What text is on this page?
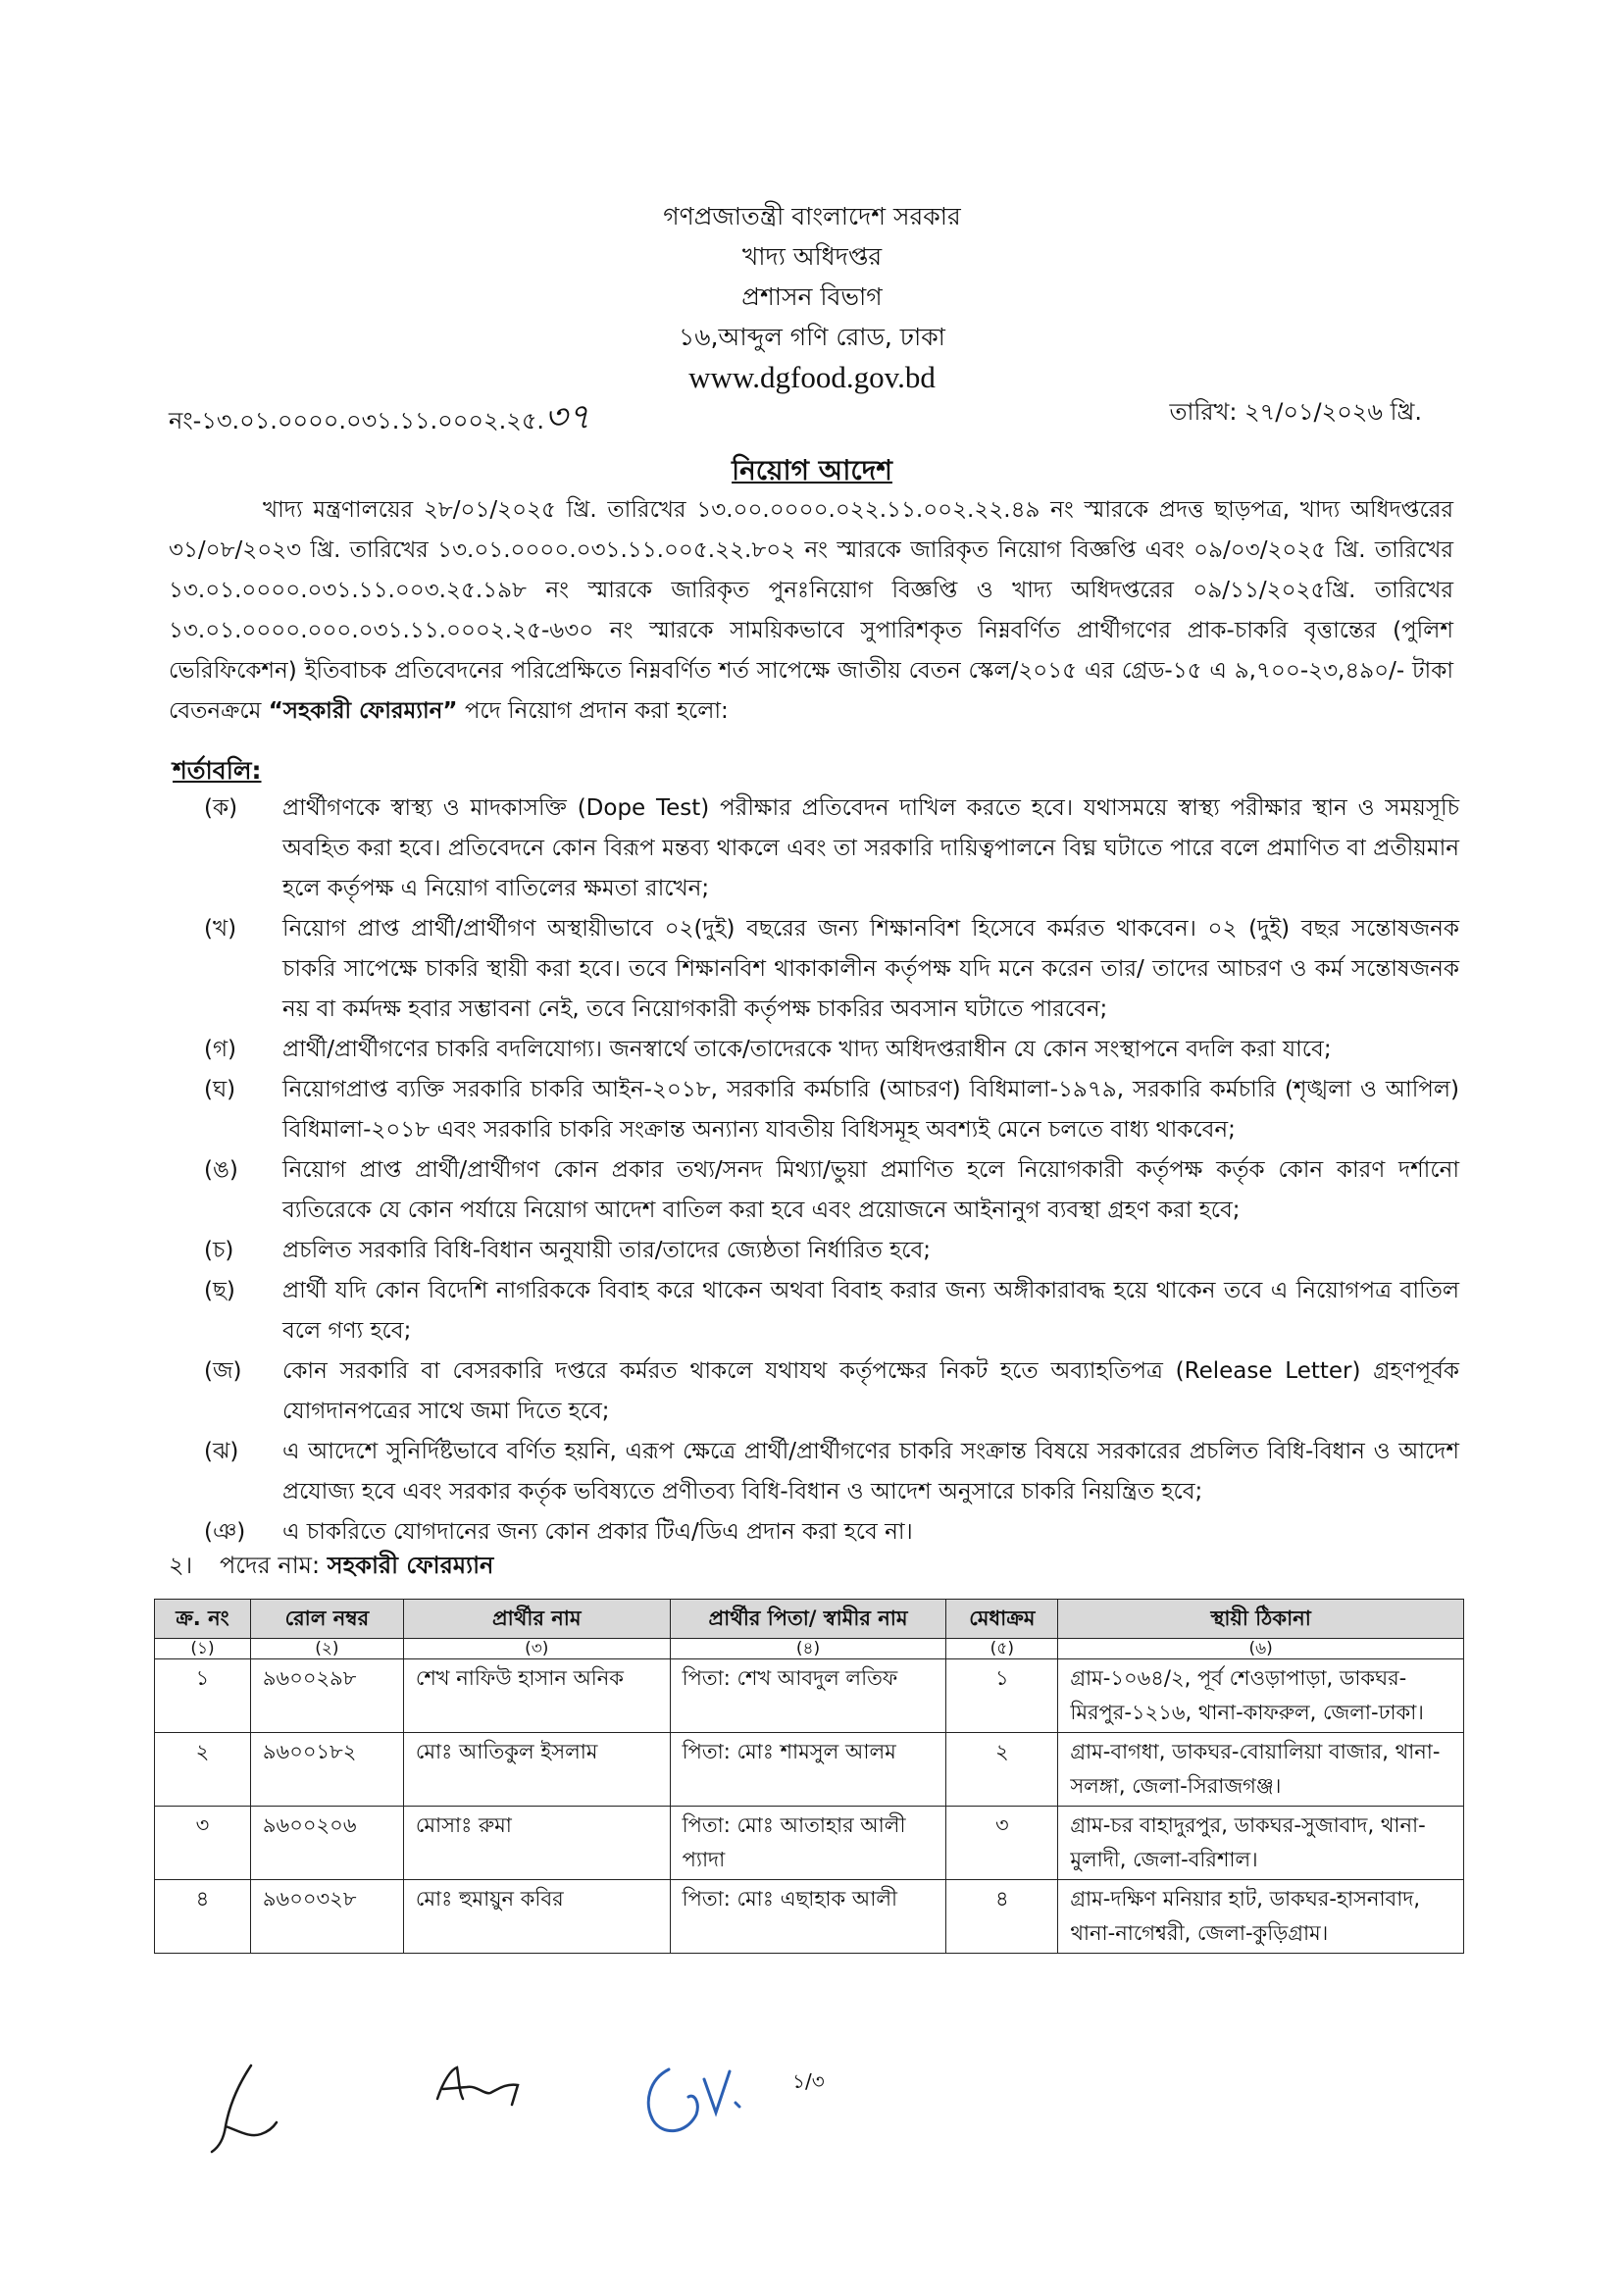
গণপ্রজাতন্ত্রী বাংলাদেশ সরকার
খাদ্য অধিদপ্তর
প্রশাসন বিভাগ
১৬,আব্দুল গণি রোড, ঢাকা
www.dgfood.gov.bd
নং-১৩.০১.০০০০.০৩১.১১.০০০২.২৫.৩৭	তারিখ: ২৭/০১/২০২৬ খ্রি.
নিয়োগ আদেশ
খাদ্য মন্ত্রণালয়ের ২৮/০১/২০২৫ খ্রি. তারিখের ১৩.০০.০০০০.০২২.১১.০০২.২২.৪৯ নং স্মারকে প্রদত্ত ছাড়পত্র, খাদ্য অধিদপ্তরের ৩১/০৮/২০২৩ খ্রি. তারিখের ১৩.০১.০০০০.০৩১.১১.০০৫.২২.৮০২ নং স্মারকে জারিকৃত নিয়োগ বিজ্ঞপ্তি এবং ০৯/০৩/২০২৫ খ্রি. তারিখের ১৩.০১.০০০০.০৩১.১১.০০৩.২৫.১৯৮ নং স্মারকে জারিকৃত পুনঃনিয়োগ বিজ্ঞপ্তি ও খাদ্য অধিদপ্তরের ০৯/১১/২০২৫খ্রি. তারিখের ১৩.০১.০০০০.০০০.০৩১.১১.০০০২.২৫-৬৩০ নং স্মারকে সাময়িকভাবে সুপারিশকৃত নিম্নবর্ণিত প্রার্থীগণের প্রাক-চাকরি বৃত্তান্তের (পুলিশ ভেরিফিকেশন) ইতিবাচক প্রতিবেদনের পরিপ্রেক্ষিতে নিম্নবর্ণিত শর্ত সাপেক্ষে জাতীয় বেতন স্কেল/২০১৫ এর গ্রেড-১৫ এ ৯,৭০০-২৩,৪৯০/- টাকা বেতনক্রমে “সহকারী ফোরম্যান” পদে নিয়োগ প্রদান করা হলো:
শর্তাবলি:
(ক)	প্রার্থীগণকে স্বাস্থ্য ও মাদকাসক্তি (Dope Test) পরীক্ষার প্রতিবেদন দাখিল করতে হবে। যথাসময়ে স্বাস্থ্য পরীক্ষার স্থান ও সময়সূচি অবহিত করা হবে। প্রতিবেদনে কোন বিরূপ মন্তব্য থাকলে এবং তা সরকারি দায়িত্বপালনে বিঘ্ন ঘটাতে পারে বলে প্রমাণিত বা প্রতীয়মান হলে কর্তৃপক্ষ এ নিয়োগ বাতিলের ক্ষমতা রাখেন;
(খ)	নিয়োগ প্রাপ্ত প্রার্থী/প্রার্থীগণ অস্থায়ীভাবে ০২(দুই) বছরের জন্য শিক্ষানবিশ হিসেবে কর্মরত থাকবেন। ০২ (দুই) বছর সন্তোষজনক চাকরি সাপেক্ষে চাকরি স্থায়ী করা হবে। তবে শিক্ষানবিশ থাকাকালীন কর্তৃপক্ষ যদি মনে করেন তার/ তাদের আচরণ ও কর্ম সন্তোষজনক নয় বা কর্মদক্ষ হবার সম্ভাবনা নেই, তবে নিয়োগকারী কর্তৃপক্ষ চাকরির অবসান ঘটাতে পারবেন;
(গ)	প্রার্থী/প্রার্থীগণের চাকরি বদলিযোগ্য। জনস্বার্থে তাকে/তাদেরকে খাদ্য অধিদপ্তরাধীন যে কোন সংস্থাপনে বদলি করা যাবে;
(ঘ)	নিয়োগপ্রাপ্ত ব্যক্তি সরকারি চাকরি আইন-২০১৮, সরকারি কর্মচারি (আচরণ) বিধিমালা-১৯৭৯, সরকারি কর্মচারি (শৃঙ্খলা ও আপিল) বিধিমালা-২০১৮ এবং সরকারি চাকরি সংক্রান্ত অন্যান্য যাবতীয় বিধিসমূহ অবশ্যই মেনে চলতে বাধ্য থাকবেন;
(ঙ)	নিয়োগ প্রাপ্ত প্রার্থী/প্রার্থীগণ কোন প্রকার তথ্য/সনদ মিথ্যা/ভুয়া প্রমাণিত হলে নিয়োগকারী কর্তৃপক্ষ কর্তৃক কোন কারণ দর্শানো ব্যতিরেকে যে কোন পর্যায়ে নিয়োগ আদেশ বাতিল করা হবে এবং প্রয়োজনে আইনানুগ ব্যবস্থা গ্রহণ করা হবে;
(চ)	প্রচলিত সরকারি বিধি-বিধান অনুযায়ী তার/তাদের জ্যেষ্ঠতা নির্ধারিত হবে;
(ছ)	প্রার্থী যদি কোন বিদেশি নাগরিককে বিবাহ করে থাকেন অথবা বিবাহ করার জন্য অঙ্গীকারাবদ্ধ হয়ে থাকেন তবে এ নিয়োগপত্র বাতিল বলে গণ্য হবে;
(জ)	কোন সরকারি বা বেসরকারি দপ্তরে কর্মরত থাকলে যথাযথ কর্তৃপক্ষের নিকট হতে অব্যাহতিপত্র (Release Letter) গ্রহণপূর্বক যোগদানপত্রের সাথে জমা দিতে হবে;
(ঝ)	এ আদেশে সুনির্দিষ্টভাবে বর্ণিত হয়নি, এরূপ ক্ষেত্রে প্রার্থী/প্রার্থীগণের চাকরি সংক্রান্ত বিষয়ে সরকারের প্রচলিত বিধি-বিধান ও আদেশ প্রযোজ্য হবে এবং সরকার কর্তৃক ভবিষ্যতে প্রণীতব্য বিধি-বিধান ও আদেশ অনুসারে চাকরি নিয়ন্ত্রিত হবে;
(ঞ)	এ চাকরিতে যোগদানের জন্য কোন প্রকার টিএ/ডিএ প্রদান করা হবে না।
২। পদের নাম: সহকারী ফোরম্যান
ক্র. নং	রোল নম্বর	প্রার্থীর নাম	প্রার্থীর পিতা/ স্বামীর নাম	মেধাক্রম	স্থায়ী ঠিকানা
(১)	(২)	(৩)	(৪)	(৫)	(৬)
১	৯৬০০২৯৮	শেখ নাফিউ হাসান অনিক	পিতা: শেখ আবদুল লতিফ	১	গ্রাম-১০৬৪/২, পূর্ব শেওড়াপাড়া, ডাকঘর-মিরপুর-১২১৬, থানা-কাফরুল, জেলা-ঢাকা।
২	৯৬০০১৮২	মোঃ আতিকুল ইসলাম	পিতা: মোঃ শামসুল আলম	২	গ্রাম-বাগধা, ডাকঘর-বোয়ালিয়া বাজার, থানা-সলঙ্গা, জেলা-সিরাজগঞ্জ।
৩	৯৬০০২০৬	মোসাঃ রুমা	পিতা: মোঃ আতাহার আলী প্যাদা	৩	গ্রাম-চর বাহাদুরপুর, ডাকঘর-সুজাবাদ, থানা-মুলাদী, জেলা-বরিশাল।
৪	৯৬০০৩২৮	মোঃ হুমায়ুন কবির	পিতা: মোঃ এছাহাক আলী	৪	গ্রাম-দক্ষিণ মনিয়ার হাট, ডাকঘর-হাসনাবাদ, থানা-নাগেশ্বরী, জেলা-কুড়িগ্রাম।
১/৩
